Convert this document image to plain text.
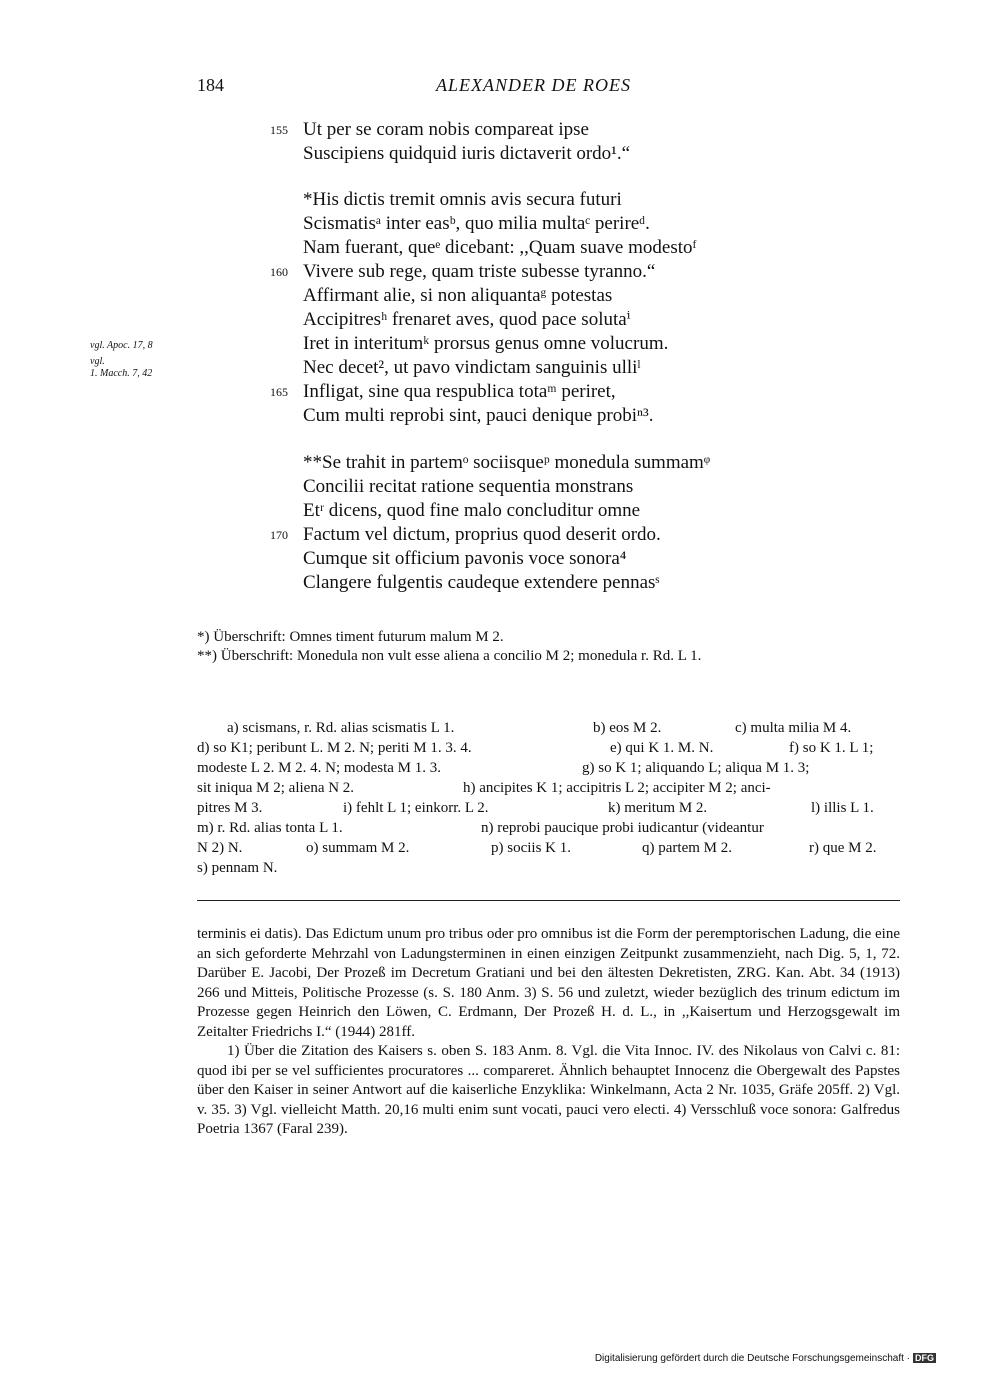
184	ALEXANDER DE ROES
vgl. Apoc. 17, 8
vgl.
1. Macch. 7, 42
155 Ut per se coram nobis compareat ipse
Suscipiens quidquid iuris dictaverit ordo¹.“
*His dictis tremit omnis avis secura futuri
Scismatisᵃ inter easᵇ, quo milia multaᶜ perireᵈ.
Nam fuerant, queᵉ dicebant: ,,Quam suave modestoᶠ
160 Vivere sub rege, quam triste subesse tyranno.“
Affirmant alie, si non aliquantaᵍ potestas
Accipitresʰ frenaret aves, quod pace solutaⁱ
Iret in interitumᵏ prorsus genus omne volucrum.
Nec decet², ut pavo vindictam sanguinis ulliˡ
165 Infligat, sine qua respublica totaᵐ periret,
Cum multi reprobi sint, pauci denique probiⁿ³.
**Se trahit in partemᵒ sociisqueᵖ monedula summamᵠ
Concilii recitat ratione sequentia monstrans
Etʳ dicens, quod fine malo concluditur omne
170 Factum vel dictum, proprius quod deserit ordo.
Cumque sit officium pavonis voce sonora⁴
Clangere fulgentis caudeque extendere pennasˢ

*) Überschrift: Omnes timent futurum malum M 2.

**) Überschrift: Monedula non vult esse aliena a concilio M 2; monedula r. Rd. L 1.

a) scismans, r. Rd. alias scismatis L 1.	b) eos M 2.	c) multa milia M 4.
d) so K1; peribunt L. M 2. N; periti M 1. 3. 4.	e) qui K 1. M. N.	f) so K 1. L 1;
modeste L 2. M 2. 4. N; modesta M 1. 3.	g) so K 1; aliquando L; aliqua M 1. 3;
sit iniqua M 2; aliena N 2.	h) ancipites K 1; accipitris L 2; accipiter M 2; anci-
pitres M 3.	i) fehlt L 1; einkorr. L 2.	k) meritum M 2.	l) illis L 1.
m) r. Rd. alias tonta L 1.	n) reprobi paucique probi iudicantur (videantur
N 2) N.	o) summam M 2.	p) sociis K 1.	q) partem M 2.	r) que M 2.
s) pennam N.

terminis ei datis). Das Edictum unum pro tribus oder pro omnibus ist die Form der peremptorischen Ladung, die eine an sich geforderte Mehrzahl von Ladungsterminen in einen einzigen Zeitpunkt zusammenzieht, nach Dig. 5, 1, 72. Darüber E. Jacobi, Der Prozeß im Decretum Gratiani und bei den ältesten Dekretisten, ZRG. Kan. Abt. 34 (1913) 266 und Mitteis, Politische Prozesse (s. S. 180 Anm. 3) S. 56 und zuletzt, wieder bezüglich des trinum edictum im Prozesse gegen Heinrich den Löwen, C. Erdmann, Der Prozeß H. d. L., in ,,Kaisertum und Herzogsgewalt im Zeitalter Friedrichs I.“ (1944) 281ff.

1) Über die Zitation des Kaisers s. oben S. 183 Anm. 8. Vgl. die Vita Innoc. IV. des Nikolaus von Calvi c. 81: quod ibi per se vel sufficientes procuratores ... compareret. Ähnlich behauptet Innocenz die Obergewalt des Papstes über den Kaiser in seiner Antwort auf die kaiserliche Enzyklika: Winkelmann, Acta 2 Nr. 1035, Gräfe 205ff. 2) Vgl. v. 35. 3) Vgl. vielleicht Matth. 20,16 multi enim sunt vocati, pauci vero electi. 4) Versschluß voce sonora: Galfredus Poetria 1367 (Faral 239).

Digitalisierung gefördert durch die Deutsche Forschungsgemeinschaft · DFG
